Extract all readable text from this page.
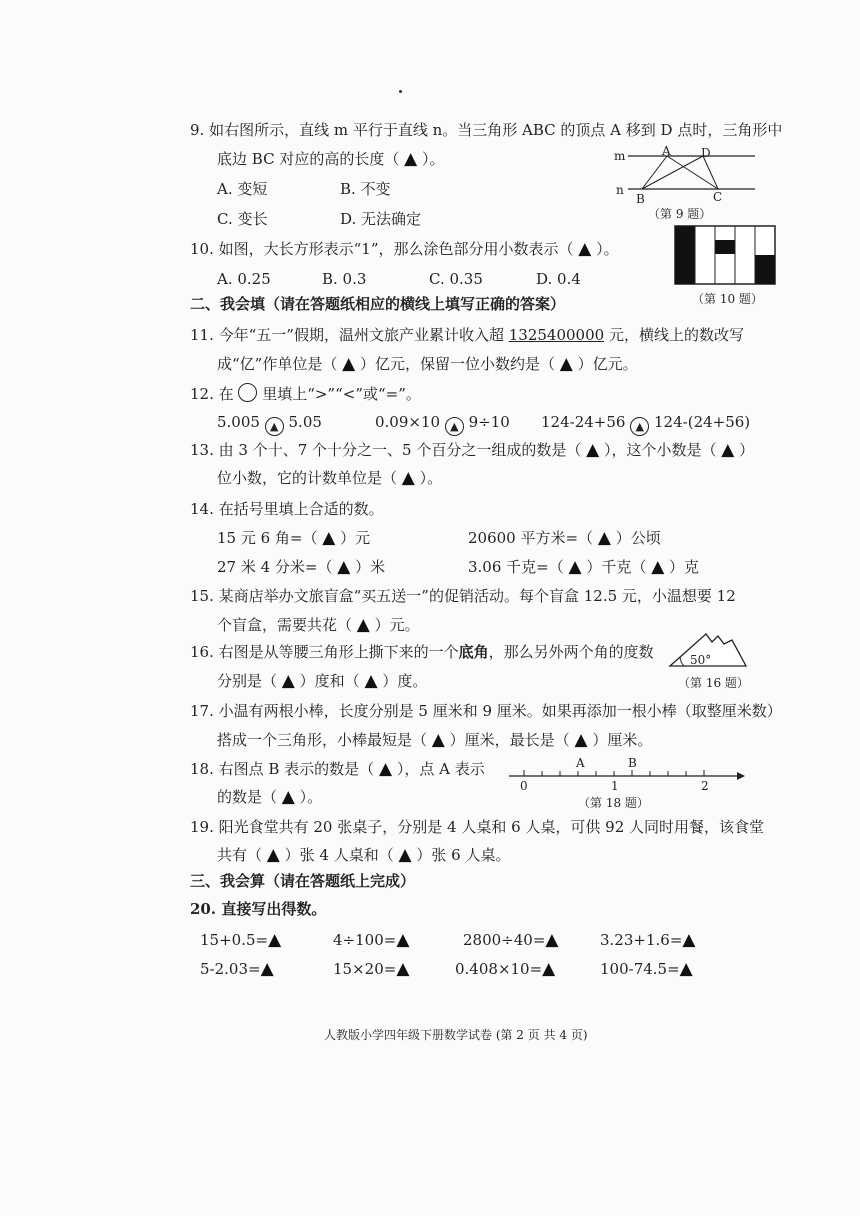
9. 如右图所示，直线 m 平行于直线 n。当三角形 ABC 的顶点 A 移到 D 点时，三角形中
底边 BC 对应的高的长度（ ▲ ）。
A. 变短	B. 不变
C. 变长	D. 无法确定
m
n
A	D
B	C
（第 9 题）
10. 如图，大长方形表示“1”，那么涂色部分用小数表示（ ▲ ）。
A. 0.25	B. 0.3	C. 0.35	D. 0.4
（第 10 题）
二、我会填（请在答题纸相应的横线上填写正确的答案）
11. 今年“五一”假期，温州文旅产业累计收入超 1325400000 元，横线上的数改写
成“亿”作单位是（ ▲ ）亿元，保留一位小数约是（ ▲ ）亿元。
12. 在 里填上“>”“<”或“=”。
5.005 ▲ 5.05	0.09×10 ▲ 9÷10 124-24+56 ▲ 124-(24+56)
13. 由 3 个十、7 个十分之一、5 个百分之一组成的数是（ ▲ ），这个小数是（ ▲ ）
位小数，它的计数单位是（ ▲ ）。
14. 在括号里填上合适的数。
15 元 6 角=（ ▲ ）元	20600 平方米=（ ▲ ）公顷
27 米 4 分米=（ ▲ ）米	3.06 千克=（ ▲ ）千克（ ▲ ）克
15. 某商店举办文旅盲盒“买五送一”的促销活动。每个盲盒 12.5 元，小温想要 12
个盲盒，需要共花（ ▲ ）元。
16. 右图是从等腰三角形上撕下来的一个底角，那么另外两个角的度数
分别是（ ▲ ）度和（ ▲ ）度。
50°
（第 16 题）
17. 小温有两根小棒，长度分别是 5 厘米和 9 厘米。如果再添加一根小棒（取整厘米数）
搭成一个三角形，小棒最短是（ ▲ ）厘米，最长是（ ▲ ）厘米。
18. 右图点 B 表示的数是（ ▲ ），点 A 表示
的数是（ ▲ ）。
A	B
0	1	2
（第 18 题）
19. 阳光食堂共有 20 张桌子，分别是 4 人桌和 6 人桌，可供 92 人同时用餐，该食堂
共有（ ▲ ）张 4 人桌和（ ▲ ）张 6 人桌。
三、我会算（请在答题纸上完成）
20. 直接写出得数。
15+0.5=▲	4÷100=▲	2800÷40=▲	3.23+1.6=▲
5-2.03=▲	15×20=▲	0.408×10=▲	100-74.5=▲
人教版小学四年级下册数学试卷 (第 2 页 共 4 页)
